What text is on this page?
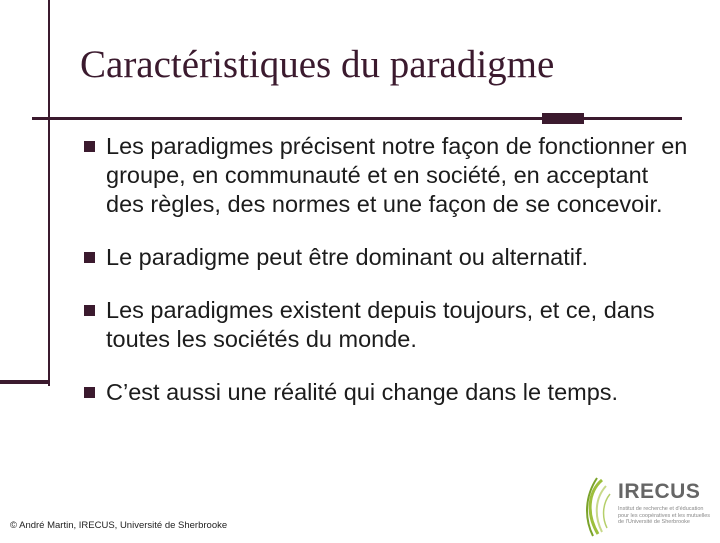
Caractéristiques du paradigme
Les paradigmes précisent notre façon de fonctionner en groupe, en communauté et en société, en acceptant des règles, des normes et une façon de se concevoir.
Le paradigme peut être dominant ou alternatif.
Les paradigmes existent depuis toujours, et ce, dans toutes les sociétés du monde.
C’est aussi une réalité qui change dans le temps.
© André Martin, IRECUS, Université de Sherbrooke
IRECUS
Institut de recherche et d'éducation
pour les coopératives et les mutuelles
de l'Université de Sherbrooke
